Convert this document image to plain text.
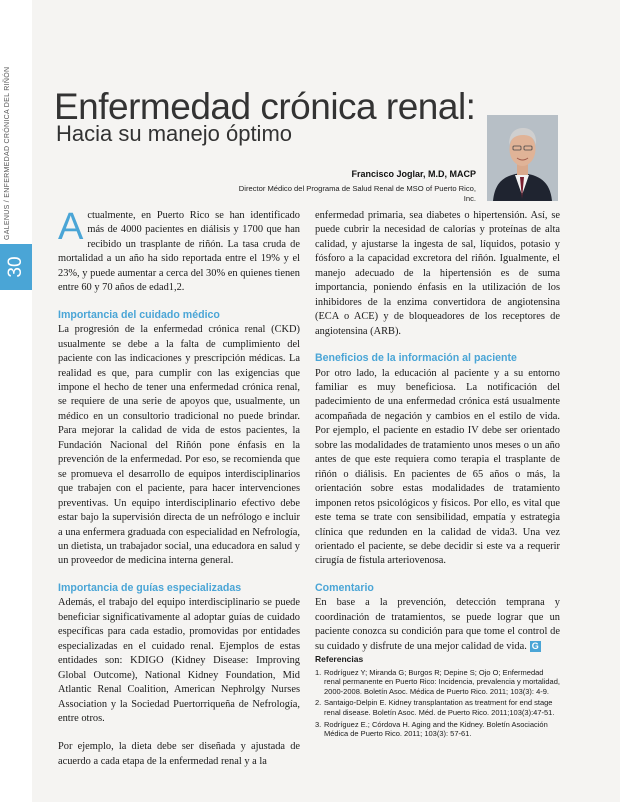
GALENUS / ENFERMEDAD CRÓNICA DEL RIÑÓN
30
Enfermedad crónica renal:
Hacia su manejo óptimo
Francisco Joglar, M.D, MACP
Director Médico del Programa de Salud Renal de MSO of Puerto Rico, Inc.

Actualmente, en Puerto Rico se han identificado más de 4000 pacientes en diálisis y 1700 que han recibido un trasplante de riñón. La tasa cruda de mortalidad a un año ha sido reportada entre el 19% y el 23%, y puede aumentar a cerca del 30% en quienes tienen entre 60 y 70 años de edad1,2.

Importancia del cuidado médico

La progresión de la enfermedad crónica renal (CKD) usualmente se debe a la falta de cumplimiento del paciente con las indicaciones y prescripción médicas. La realidad es que, para cumplir con las exigencias que impone el hecho de tener una enfermedad crónica renal, se requiere de una serie de apoyos que, usualmente, un médico en un consultorio tradicional no puede brindar. Para mejorar la calidad de vida de estos pacientes, la Fundación Nacional del Riñón pone énfasis en la prevención de la enfermedad. Por eso, se recomienda que se promueva el desarrollo de equipos interdisciplinarios que trabajen con el paciente, para hacer intervenciones preventivas. Un equipo interdisciplinario efectivo debe estar bajo la supervisión directa de un nefrólogo e incluir a una enfermera graduada con especialidad en Nefrología, un dietista, un trabajador social, una educadora en salud y un proveedor de medicina interna general.

Importancia de guías especializadas

Además, el trabajo del equipo interdisciplinario se puede beneficiar significativamente al adoptar guías de cuidado específicas para cada estadio, promovidas por entidades especializadas en el cuidado renal. Ejemplos de estas entidades son: KDIGO (Kidney Disease: Improving Global Outcome), National Kidney Foundation, Mid Atlantic Renal Coalition, American Nephrolgy Nurses Association y la Sociedad Puertorriqueña de Nefrología, entre otros.

Por ejemplo, la dieta debe ser diseñada y ajustada de acuerdo a cada etapa de la enfermedad renal y a la

enfermedad primaria, sea diabetes o hipertensión. Así, se puede cubrir la necesidad de calorías y proteínas de alta calidad, y ajustarse la ingesta de sal, líquidos, potasio y fósforo a la capacidad excretora del riñón. Igualmente, el manejo adecuado de la hipertensión es de suma importancia, poniendo énfasis en la utilización de los inhibidores de la enzima convertidora de angiotensina (ECA o ACE) y de bloqueadores de los receptores de angiotensina (ARB).

Beneficios de la información al paciente

Por otro lado, la educación al paciente y a su entorno familiar es muy beneficiosa. La notificación del padecimiento de una enfermedad crónica está usualmente acompañada de negación y cambios en el estilo de vida. Por ejemplo, el paciente en estadio IV debe ser orientado sobre las modalidades de tratamiento unos meses o un año antes de que este requiera como terapia el trasplante de riñón o diálisis. En pacientes de 65 años o más, la orientación sobre estas modalidades de tratamiento imponen retos psicológicos y físicos. Por ello, es vital que este tema se trate con sensibilidad, empatía y estrategia clínica que redunden en la calidad de vida3. Una vez orientado el paciente, se debe decidir si este va a requerir cirugía de fístula arteriovenosa.

Comentario

En base a la prevención, detección temprana y coordinación de tratamientos, se puede lograr que un paciente conozca su condición para que tome el control de su cuidado y disfrute de una mejor calidad de vida. G

Referencias
1. Rodríguez Y; Miranda G; Burgos R; Depine S; Ojo O; Enfermedad renal permanente en Puerto Rico: Incidencia, prevalencia y mortalidad, 2000-2008. Boletín Asoc. Médica de Puerto Rico. 2011; 103(3): 4-9.
2. Santaigo-Delpin E. Kidney transplantation as treatment for end stage renal disease. Boletín Asoc. Méd. de Puerto Rico. 2011;103(3):47-51.
3. Rodríguez E.; Córdova H. Aging and the Kidney. Boletín Asociación Médica de Puerto Rico. 2011; 103(3): 57-61.
